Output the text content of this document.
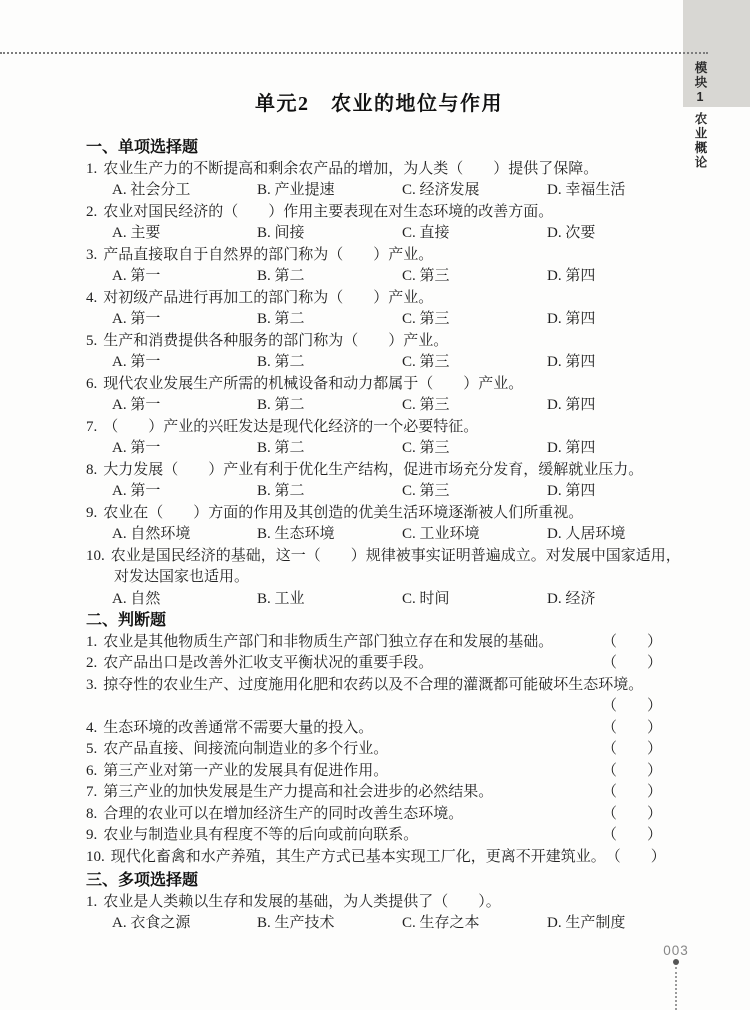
模块1
农业概论
单元2　农业的地位与作用
一、单项选择题
1. 农业生产力的不断提高和剩余农产品的增加，为人类（　　）提供了保障。
A. 社会分工	B. 产业提速	C. 经济发展	D. 幸福生活
2. 农业对国民经济的（　　）作用主要表现在对生态环境的改善方面。
A. 主要	B. 间接	C. 直接	D. 次要
3. 产品直接取自于自然界的部门称为（　　）产业。
A. 第一	B. 第二	C. 第三	D. 第四
4. 对初级产品进行再加工的部门称为（　　）产业。
A. 第一	B. 第二	C. 第三	D. 第四
5. 生产和消费提供各种服务的部门称为（　　）产业。
A. 第一	B. 第二	C. 第三	D. 第四
6. 现代农业发展生产所需的机械设备和动力都属于（　　）产业。
A. 第一	B. 第二	C. 第三	D. 第四
7. （　　）产业的兴旺发达是现代化经济的一个必要特征。
A. 第一	B. 第二	C. 第三	D. 第四
8. 大力发展（　　）产业有利于优化生产结构，促进市场充分发育，缓解就业压力。
A. 第一	B. 第二	C. 第三	D. 第四
9. 农业在（　　）方面的作用及其创造的优美生活环境逐渐被人们所重视。
A. 自然环境	B. 生态环境	C. 工业环境	D. 人居环境
10. 农业是国民经济的基础，这一（　　）规律被事实证明普遍成立。对发展中国家适用，
对发达国家也适用。
A. 自然	B. 工业	C. 时间	D. 经济
二、判断题
1. 农业是其他物质生产部门和非物质生产部门独立存在和发展的基础。	（　　）
2. 农产品出口是改善外汇收支平衡状况的重要手段。	（　　）
3. 掠夺性的农业生产、过度施用化肥和农药以及不合理的灌溉都可能破坏生态环境。
（　　）
4. 生态环境的改善通常不需要大量的投入。	（　　）
5. 农产品直接、间接流向制造业的多个行业。	（　　）
6. 第三产业对第一产业的发展具有促进作用。	（　　）
7. 第三产业的加快发展是生产力提高和社会进步的必然结果。	（　　）
8. 合理的农业可以在增加经济生产的同时改善生态环境。	（　　）
9. 农业与制造业具有程度不等的后向或前向联系。	（　　）
10. 现代化畜禽和水产养殖，其生产方式已基本实现工厂化，更离不开建筑业。 （　　）
三、多项选择题
1. 农业是人类赖以生存和发展的基础，为人类提供了（　　）。
A. 衣食之源	B. 生产技术	C. 生存之本	D. 生产制度
003
